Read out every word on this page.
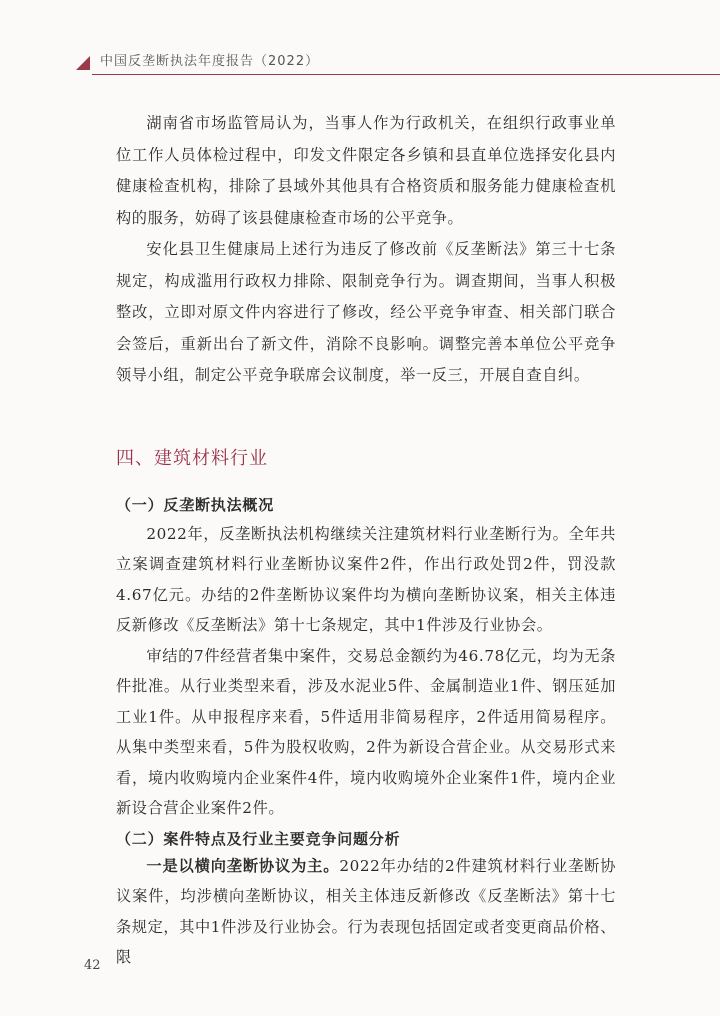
中国反垄断执法年度报告（2022）

湖南省市场监管局认为，当事人作为行政机关，在组织行政事业单位工作人员体检过程中，印发文件限定各乡镇和县直单位选择安化县内健康检查机构，排除了县域外其他具有合格资质和服务能力健康检查机构的服务，妨碍了该县健康检查市场的公平竞争。

安化县卫生健康局上述行为违反了修改前《反垄断法》第三十七条规定，构成滥用行政权力排除、限制竞争行为。调查期间，当事人积极整改，立即对原文件内容进行了修改，经公平竞争审查、相关部门联合会签后，重新出台了新文件，消除不良影响。调整完善本单位公平竞争领导小组，制定公平竞争联席会议制度，举一反三，开展自查自纠。

四、建筑材料行业
（一）反垄断执法概况

2022年，反垄断执法机构继续关注建筑材料行业垄断行为。全年共立案调查建筑材料行业垄断协议案件2件，作出行政处罚2件，罚没款4.67亿元。办结的2件垄断协议案件均为横向垄断协议案，相关主体违反新修改《反垄断法》第十七条规定，其中1件涉及行业协会。

审结的7件经营者集中案件，交易总金额约为46.78亿元，均为无条件批准。从行业类型来看，涉及水泥业5件、金属制造业1件、钢压延加工业1件。从申报程序来看，5件适用非简易程序，2件适用简易程序。从集中类型来看，5件为股权收购，2件为新设合营企业。从交易形式来看，境内收购境内企业案件4件，境内收购境外企业案件1件，境内企业新设合营企业案件2件。

（二）案件特点及行业主要竞争问题分析

一是以横向垄断协议为主。2022年办结的2件建筑材料行业垄断协议案件，均涉横向垄断协议，相关主体违反新修改《反垄断法》第十七条规定，其中1件涉及行业协会。行为表现包括固定或者变更商品价格、限

42
